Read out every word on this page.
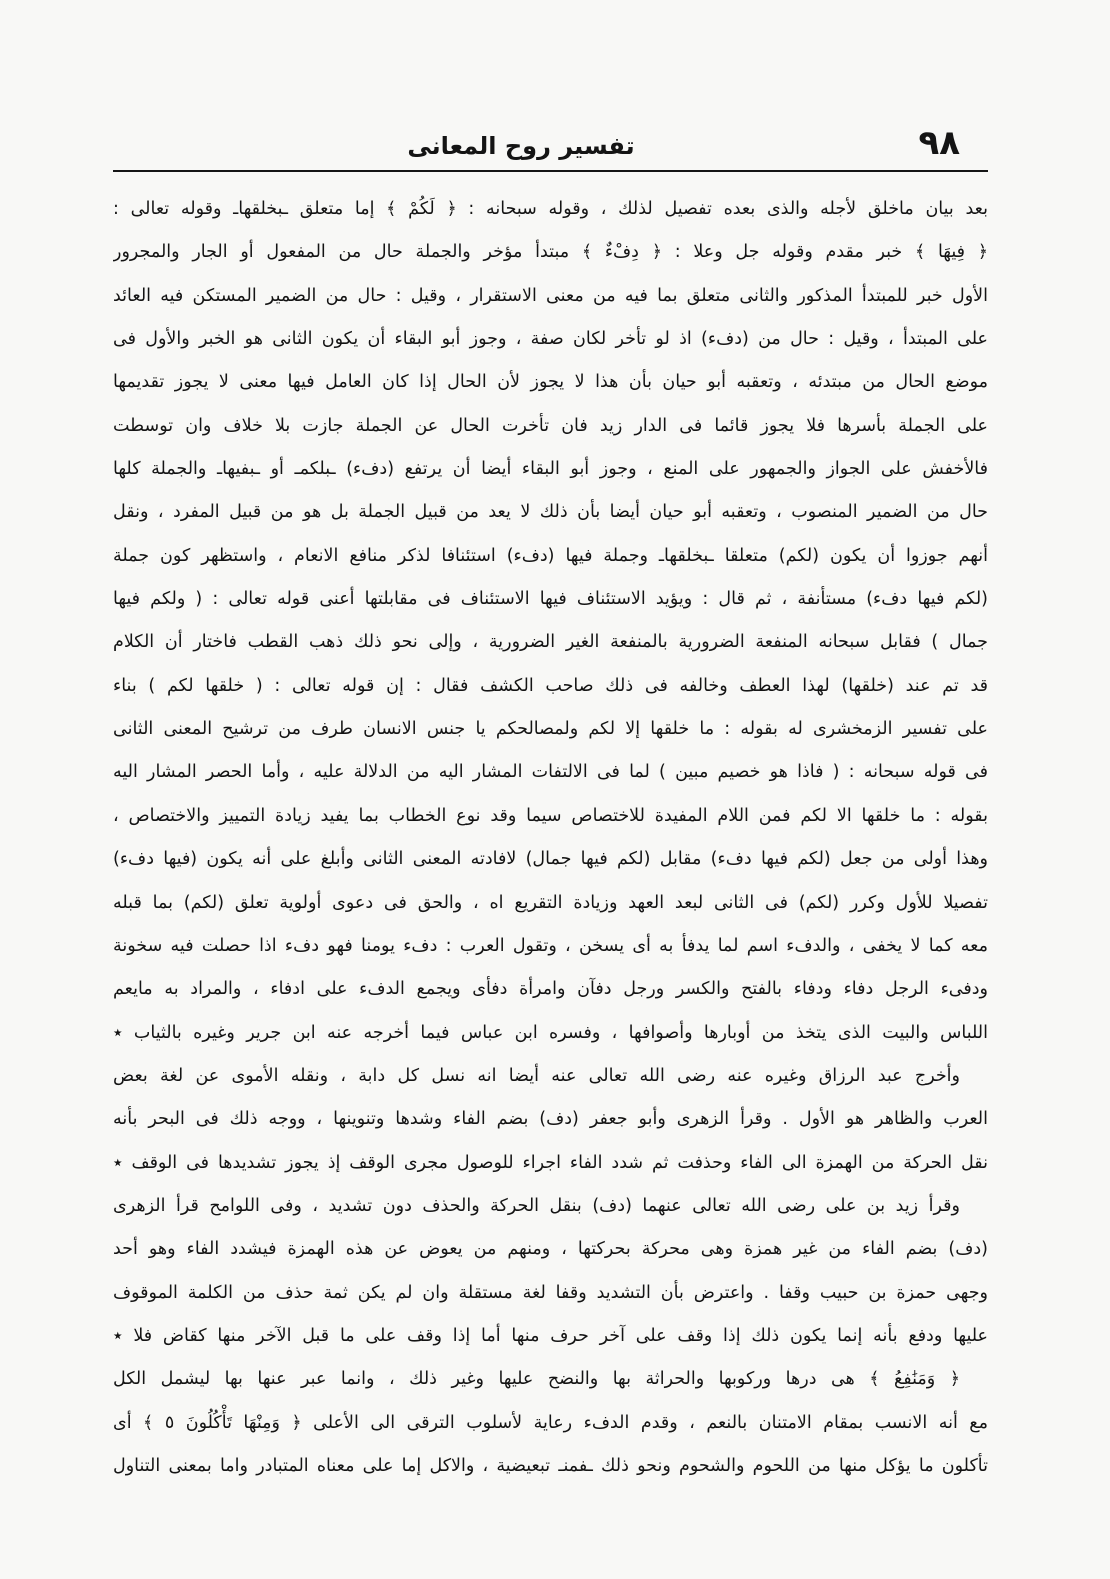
٩٨
تفسير روح المعانى
بعد بيان ماخلق لأجله والذى بعده تفصيل لذلك ، وقوله سبحانه : ﴿ لَكُمْ ﴾ إما متعلق ـبخلقهاـ وقوله تعالى :
﴿ فِيهَا ﴾ خبر مقدم وقوله جل وعلا : ﴿ دِفْءٌ ﴾ مبتدأ مؤخر والجملة حال من المفعول أو الجار والمجرور
الأول خبر للمبتدأ المذكور والثانى متعلق بما فيه من معنى الاستقرار ، وقيل : حال من الضمير المستكن فيه العائد
على المبتدأ ، وقيل : حال من (دفء) اذ لو تأخر لكان صفة ، وجوز أبو البقاء أن يكون الثانى هو الخبر والأول فى
موضع الحال من مبتدئه ، وتعقبه أبو حيان بأن هذا لا يجوز لأن الحال إذا كان العامل فيها معنى لا يجوز تقديمها
على الجملة بأسرها فلا يجوز قائما فى الدار زيد فان تأخرت الحال عن الجملة جازت بلا خلاف وان توسطت
فالأخفش على الجواز والجمهور على المنع ، وجوز أبو البقاء أيضا أن يرتفع (دفء) ـبلكمـ أو ـبفيهاـ والجملة كلها
حال من الضمير المنصوب ، وتعقبه أبو حيان أيضا بأن ذلك لا يعد من قبيل الجملة بل هو من قبيل المفرد ، ونقل
أنهم جوزوا أن يكون (لكم) متعلقا ـبخلقهاـ وجملة فيها (دفء) استئنافا لذكر منافع الانعام ، واستظهر كون جملة
(لكم فيها دفء) مستأنفة ، ثم قال : ويؤيد الاستئناف فيها الاستئناف فى مقابلتها أعنى قوله تعالى : ( ولكم فيها
جمال ) فقابل سبحانه المنفعة الضرورية بالمنفعة الغير الضرورية ، وإلى نحو ذلك ذهب القطب فاختار أن الكلام
قد تم عند (خلقها) لهذا العطف وخالفه فى ذلك صاحب الكشف فقال : إن قوله تعالى : ( خلقها لكم ) بناء
على تفسير الزمخشرى له بقوله : ما خلقها إلا لكم ولمصالحكم يا جنس الانسان طرف من ترشيح المعنى الثانى
فى قوله سبحانه : ( فاذا هو خصيم مبين ) لما فى الالتفات المشار اليه من الدلالة عليه ، وأما الحصر المشار اليه
بقوله : ما خلقها الا لكم فمن اللام المفيدة للاختصاص سيما وقد نوع الخطاب بما يفيد زيادة التمييز والاختصاص ،
وهذا أولى من جعل (لكم فيها دفء) مقابل (لكم فيها جمال) لافادته المعنى الثانى وأبلغ على أنه يكون (فيها دفء)
تفصيلا للأول وكرر (لكم) فى الثانى لبعد العهد وزيادة التقريع اه ، والحق فى دعوى أولوية تعلق (لكم) بما قبله
معه كما لا يخفى ، والدفء اسم لما يدفأ به أى يسخن ، وتقول العرب : دفء يومنا فهو دفء اذا حصلت فيه سخونة
ودفىء الرجل دفاء ودفاء بالفتح والكسر ورجل دفآن وامرأة دفأى ويجمع الدفء على ادفاء ، والمراد به مايعم
اللباس والبيت الذى يتخذ من أوبارها وأصوافها ، وفسره ابن عباس فيما أخرجه عنه ابن جرير وغيره بالثياب ٭
وأخرج عبد الرزاق وغيره عنه رضى الله تعالى عنه أيضا انه نسل كل دابة ، ونقله الأموى عن لغة بعض
العرب والظاهر هو الأول . وقرأ الزهرى وأبو جعفر (دف) بضم الفاء وشدها وتنوينها ، ووجه ذلك فى البحر بأنه
نقل الحركة من الهمزة الى الفاء وحذفت ثم شدد الفاء اجراء للوصول مجرى الوقف إذ يجوز تشديدها فى الوقف ٭
وقرأ زيد بن على رضى الله تعالى عنهما (دف) بنقل الحركة والحذف دون تشديد ، وفى اللوامح قرأ الزهرى
(دف) بضم الفاء من غير همزة وهى محركة بحركتها ، ومنهم من يعوض عن هذه الهمزة فيشدد الفاء وهو أحد
وجهى حمزة بن حبيب وقفا . واعترض بأن التشديد وقفا لغة مستقلة وان لم يكن ثمة حذف من الكلمة الموقوف
عليها ودفع بأنه إنما يكون ذلك إذا وقف على آخر حرف منها أما إذا وقف على ما قبل الآخر منها كقاض فلا ٭
﴿ وَمَنَٰفِعُ ﴾ هى درها وركوبها والحراثة بها والنضح عليها وغير ذلك ، وانما عبر عنها بها ليشمل الكل
مع أنه الانسب بمقام الامتنان بالنعم ، وقدم الدفء رعاية لأسلوب الترقى الى الأعلى ﴿ وَمِنْهَا تَأْكُلُونَ ٥ ﴾ أى
تأكلون ما يؤكل منها من اللحوم والشحوم ونحو ذلك ـفمنـ تبعيضية ، والاكل إما على معناه المتبادر واما بمعنى التناول
